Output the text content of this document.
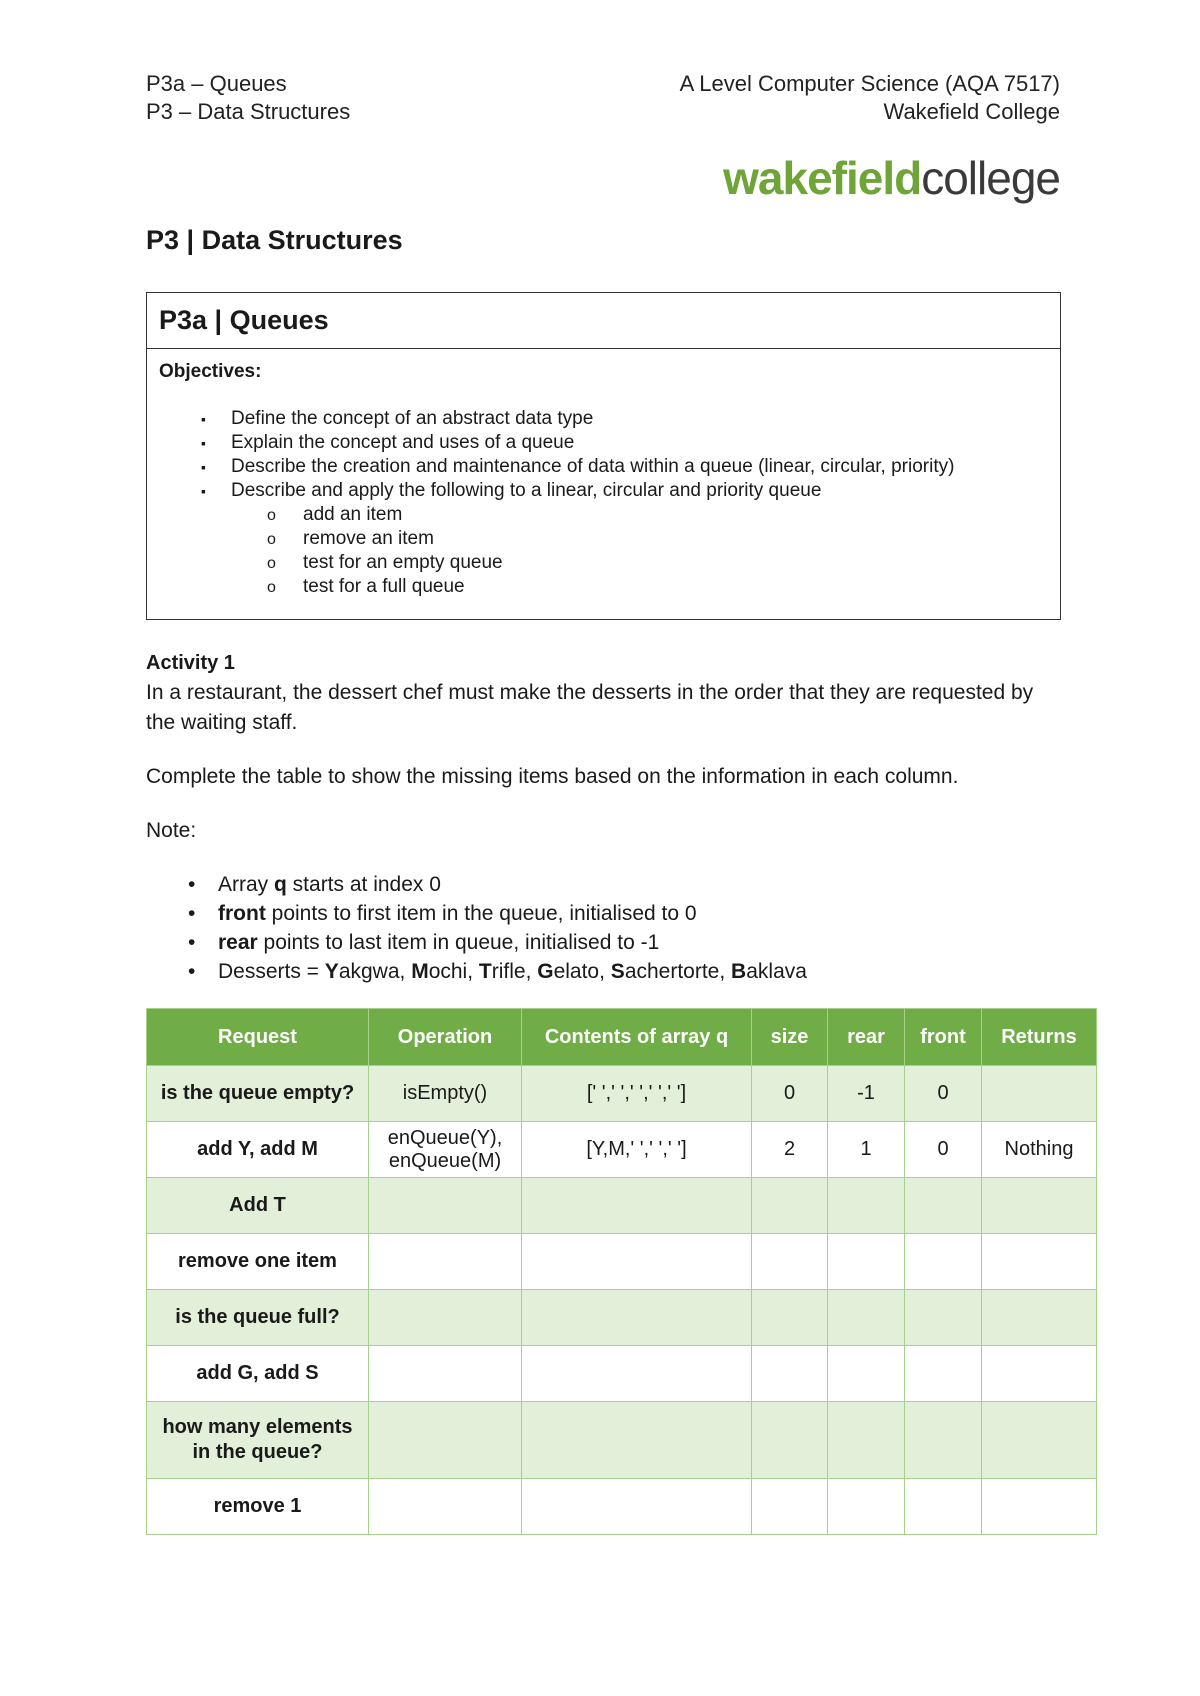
P3a – Queues
P3 – Data Structures
A Level Computer Science (AQA 7517)
Wakefield College
wakefieldcollege
P3 | Data Structures
P3a | Queues
Objectives:
▪ Define the concept of an abstract data type
▪ Explain the concept and uses of a queue
▪ Describe the creation and maintenance of data within a queue (linear, circular, priority)
▪ Describe and apply the following to a linear, circular and priority queue
o add an item
o remove an item
o test for an empty queue
o test for a full queue

Activity 1

In a restaurant, the dessert chef must make the desserts in the order that they are requested by the waiting staff.

Complete the table to show the missing items based on the information in each column.

Note:

• Array q starts at index 0
• front points to first item in the queue, initialised to 0
• rear points to last item in queue, initialised to -1
• Desserts = Yakgwa, Mochi, Trifle, Gelato, Sachertorte, Baklava
Request	Operation	Contents of array q	size	rear	front	Returns
is the queue empty?	isEmpty()	[' ',' ',' ',' ',' ']	0	-1	0	
add Y, add M	enQueue(Y), enQueue(M)	[Y,M,' ',' ',' ']	2	1	0	Nothing
Add T						
remove one item						
is the queue full?						
add G, add S						
how many elements in the queue?						
remove 1						
